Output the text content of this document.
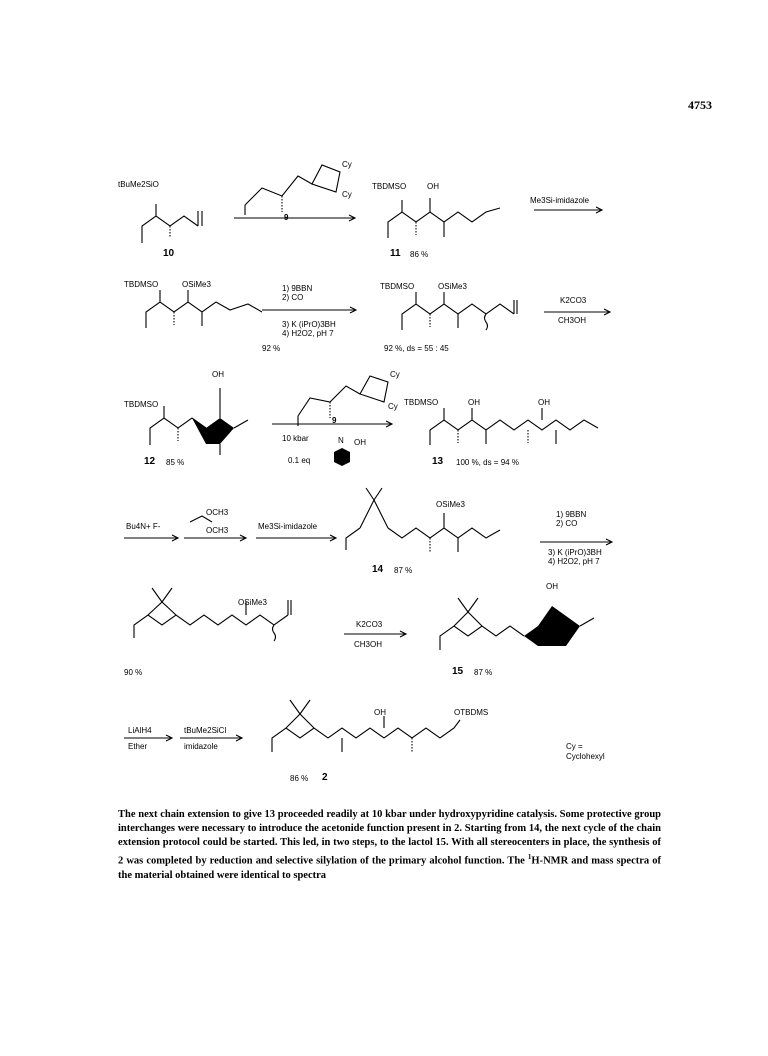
4753
tBuMe2SiO
10
9
Cy
Cy
TBDMSO	OH
11 86 %
Me3Si-imidazole
TBDMSO	OSiMe3
92 %
1) 9BBN
2) CO
3) K (iPrO)3BH
4) H2O2, pH 7
TBDMSO	OSiMe3
92 %, ds = 55 : 45
K2CO3
CH3OH
TBDMSO
OH
12 85 %
9
Cy
Cy
10 kbar
0.1 eq
N OH
TBDMSO	OH	OH
13 100 %, ds = 94 %
Bu4N+ F-
OCH3
OCH3	Me3Si-imidazole
OSiMe3
14 87 %
1) 9BBN
2) CO
3) K (iPrO)3BH
4) H2O2, pH 7
OSiMe3
90 %
K2CO3
CH3OH
OH
15 87 %
LiAlH4
Ether
tBuMe2SiCl
imidazole
OH	OTBDMS
86 % 2
Cy =
Cyclohexyl
The next chain extension to give 13 proceeded readily at 10 kbar under hydroxypyridine catalysis. Some protective group interchanges were necessary to introduce the acetonide function present in 2. Starting from 14, the next cycle of the chain extension protocol could be started. This led, in two steps, to the lactol 15. With all stereocenters in place, the synthesis of 2 was completed by reduction and selective silylation of the primary alcohol function. The $^1$H-NMR and mass spectra of the material obtained were identical to spectra
